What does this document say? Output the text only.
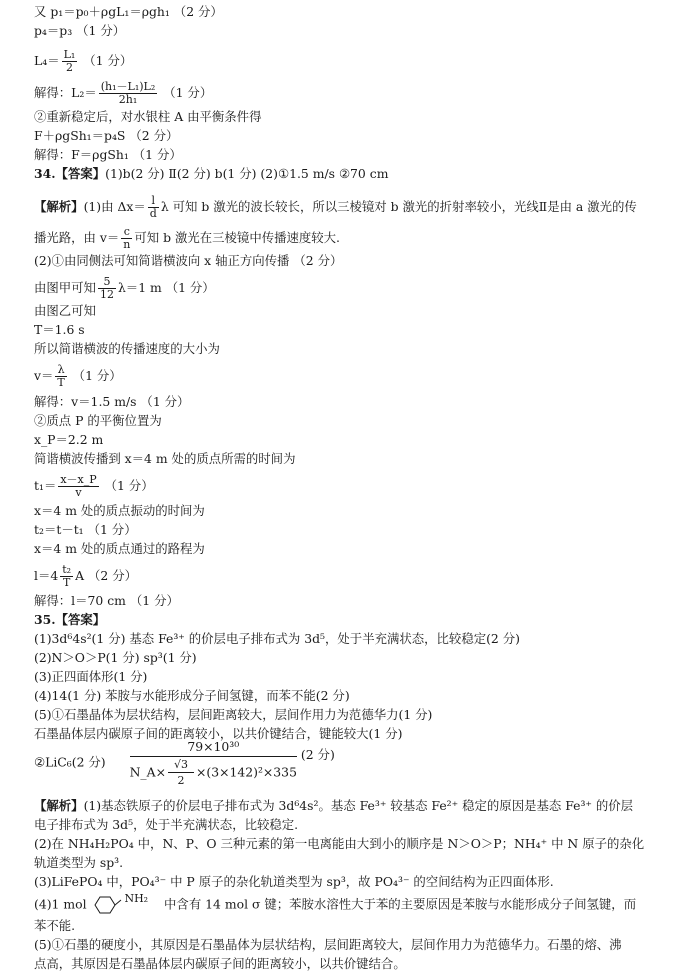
又 p₁＝p₀＋ρgL₁＝ρgh₁ （2 分）
p₄＝p₃ （1 分）
$L_4= \frac{\text{L₁}}{2} (1$ 分）
解得：$L_2= \frac{\text{(h₁－L₁)L₂}}{\text{2h₁}} (1$ 分）
②重新稳定后，对水银柱 A 由平衡条件得
F＋ρgSh₁＝p₄S （2 分）
解得：F＝ρgSh₁ （1 分）
34.【答案】(1)b(2 分) Ⅱ(2 分) b(1 分) (2)①1.5 m/s ②70 cm
【解析】(1)由 $\Delta x= \frac{l}{d}$ λ 可知 b 激光的波长较长，所以三棱镜对 b 激光的折射率较小，光线Ⅱ是由 a 激光的传
播光路，由 $v= \frac{c}{n}$ 可知 b 激光在三棱镜中传播速度较大.
(2)①由同侧法可知简谐横波向 x 轴正方向传播 （2 分）
由图甲可知 $\frac{5}{12} \lambda=1$ m （1 分）
由图乙可知
T＝1.6 s
所以简谐横波的传播速度的大小为
$v= \frac{\lambda}{T} (1$ 分）
解得：v＝1.5 m/s （1 分）
②质点 P 的平衡位置为
x_P＝2.2 m
简谐横波传播到 x＝4 m 处的质点所需的时间为
$t_1= \frac{x-x\_P}{v} (1$ 分）
x＝4 m 处的质点振动的时间为
t₂＝t－t₁ （1 分）
x＝4 m 处的质点通过的路程为
$l=4 \frac{\text{t₂}}{T}$ A （2 分）
解得：l＝70 cm （1 分）
35.【答案】
(1)3d⁶4s²(1 分) 基态 Fe³⁺ 的价层电子排布式为 3d⁵，处于半充满状态，比较稳定(2 分)
(2)N＞O＞P(1 分) sp³(1 分)
(3)正四面体形(1 分)
(4)14(1 分) 苯胺与水能形成分子间氢键，而苯不能(2 分)
(5)①石墨晶体为层状结构，层间距离较大，层间作用力为范德华力(1 分)
石墨晶体层内碳原子间的距离较小，以共价键结合，键能较大(1 分)
【解析】(1)基态铁原子的价层电子排布式为 3d⁶4s²。基态 Fe³⁺ 较基态 Fe²⁺ 稳定的原因是基态 Fe³⁺ 的价层
电子排布式为 3d⁵，处于半充满状态，比较稳定.
(2)在 NH₄H₂PO₄ 中，N、P、O 三种元素的第一电离能由大到小的顺序是 N＞O＞P；NH₄⁺ 中 N 原子的杂化
轨道类型为 sp³.
(3)LiFePO₄ 中，PO₄³⁻ 中 P 原子的杂化轨道类型为 sp³，故 PO₄³⁻ 的空间结构为正四面体形.
苯不能.
(5)①石墨的硬度小，其原因是石墨晶体为层状结构，层间距离较大，层间作用力为范德华力。石墨的熔、沸
点高，其原因是石墨晶体层内碳原子间的距离较小，以共价键结合。
(4)1 mol	NH₂ 中含有 14 mol σ 键；苯胺水溶性大于苯的主要原因是苯胺与水能形成分子间氢键，而
②LiC₆(2 分) $\frac{\text{79×10³⁰}}{N\_A\times \frac{√3}{2} \times(3\times 142)^2\times 335} (2$ 分)
